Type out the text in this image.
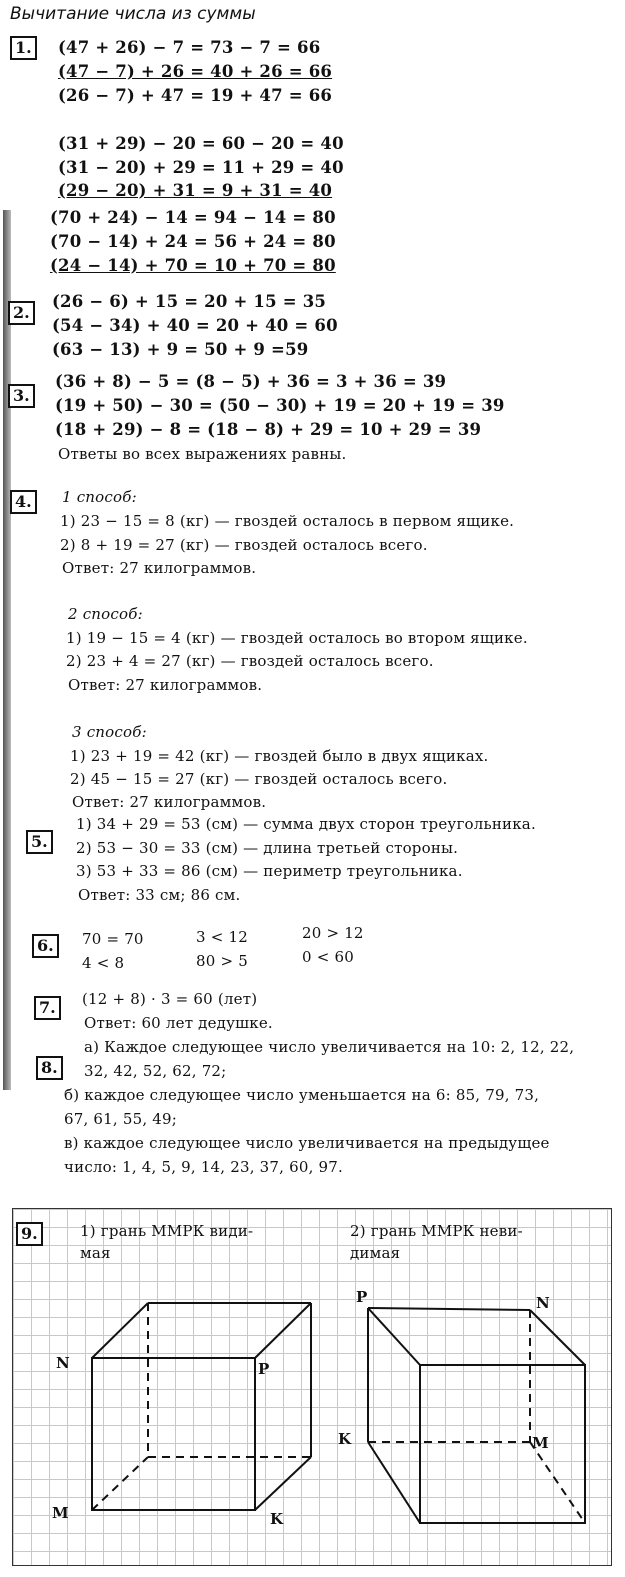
Вычитание числа из суммы
1.	(47 + 26) − 7 = 73 − 7 = 66
(47 − 7) + 26 = 40 + 26 = 66
(26 − 7) + 47 = 19 + 47 = 66
(31 + 29) − 20 = 60 − 20 = 40
(31 − 20) + 29 = 11 + 29 = 40
(29 − 20) + 31 = 9 + 31 = 40
(70 + 24) − 14 = 94 − 14 = 80
(70 − 14) + 24 = 56 + 24 = 80
(24 − 14) + 70 = 10 + 70 = 80
2.
(26 − 6) + 15 = 20 + 15 = 35
(54 − 34) + 40 = 20 + 40 = 60
(63 − 13) + 9 = 50 + 9 =59
3.
(36 + 8) − 5 = (8 − 5) + 36 = 3 + 36 = 39
(19 + 50) − 30 = (50 − 30) + 19 = 20 + 19 = 39
(18 + 29) − 8 = (18 − 8) + 29 = 10 + 29 = 39
Ответы во всех выражениях равны.
4.	1 способ:
1) 23 − 15 = 8 (кг) — гвоздей осталось в первом ящике.
2) 8 + 19 = 27 (кг) — гвоздей осталось всего.
Ответ: 27 килограммов.
2 способ:
1) 19 − 15 = 4 (кг) — гвоздей осталось во втором ящике.
2) 23 + 4 = 27 (кг) — гвоздей осталось всего.
Ответ: 27 килограммов.
3 способ:
1) 23 + 19 = 42 (кг) — гвоздей было в двух ящиках.
2) 45 − 15 = 27 (кг) — гвоздей осталось всего.
Ответ: 27 килограммов.
5.
1) 34 + 29 = 53 (см) — сумма двух сторон треугольника.
2) 53 − 30 = 33 (см) — длина третьей стороны.
3) 53 + 33 = 86 (см) — периметр треугольника.
Ответ: 33 см; 86 см.
6.	70 = 70	3 < 12	20 > 12
4 < 8	80 > 5	0 < 60
7.	(12 + 8) · 3 = 60 (лет)
Ответ: 60 лет дедушке.
8.
а) Каждое следующее число увеличивается на 10: 2, 12, 22,
32, 42, 52, 62, 72;
б) каждое следующее число уменьшается на 6: 85, 79, 73,
67, 61, 55, 49;
в) каждое следующее число увеличивается на предыдущее
число: 1, 4, 5, 9, 14, 23, 37, 60, 97.
9.	1) грань ММРК види-
мая
2) грань ММРК неви-
димая
N	P
M	K
P	N
K	M
